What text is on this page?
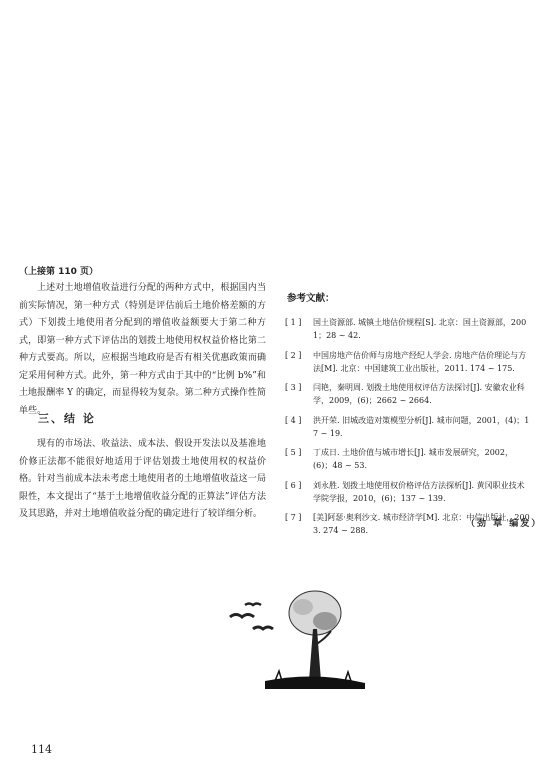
（上接第 110 页）

上述对土地增值收益进行分配的两种方式中，根据国内当前实际情况，第一种方式（特别是评估前后土地价格差额的方式）下划拨土地使用者分配到的增值收益额要大于第二种方式，即第一种方式下评估出的划拨土地使用权权益价格比第二种方式要高。所以，应根据当地政府是否有相关优惠政策而确定采用何种方式。此外，第一种方式由于其中的“比例 b%”和土地报酬率 Y 的确定，而显得较为复杂。第二种方式操作性简单些。

三、结 论

现有的市场法、收益法、成本法、假设开发法以及基准地价修正法都不能很好地适用于评估划拨土地使用权的权益价格。针对当前成本法未考虑土地使用者的土地增值收益这一局限性，本文提出了“基于土地增值收益分配的正算法”评估方法及其思路，并对土地增值收益分配的确定进行了较详细分析。

参考文献：
[ 1 ]	国土资源部. 城镇土地估价规程[S]. 北京：国土资源部，2001；28 ~ 42.
[ 2 ]	中国房地产估价师与房地产经纪人学会. 房地产估价理论与方法[M]. 北京：中国建筑工业出版社，2011. 174 ~ 175.
[ 3 ]	闫艳，秦明周. 划拨土地使用权评估方法探讨[J]. 安徽农业科学，2009，(6)；2662 ~ 2664.
[ 4 ]	洪开荣. 旧城改造对策模型分析[J]. 城市问题，2001，(4)；17 ~ 19.
[ 5 ]	丁成日. 土地价值与城市增长[J]. 城市发展研究，2002，(6)；48 ~ 53.
[ 6 ]	刘永胜. 划拨土地使用权价格评估方法探析[J]. 黄冈职业技术学院学报，2010，(6)；137 ~ 139.
[ 7 ]	[美]阿瑟·奥利沙文. 城市经济学[M]. 北京：中信出版社，2003. 274 ~ 288.
（劲 草 编发）
114
